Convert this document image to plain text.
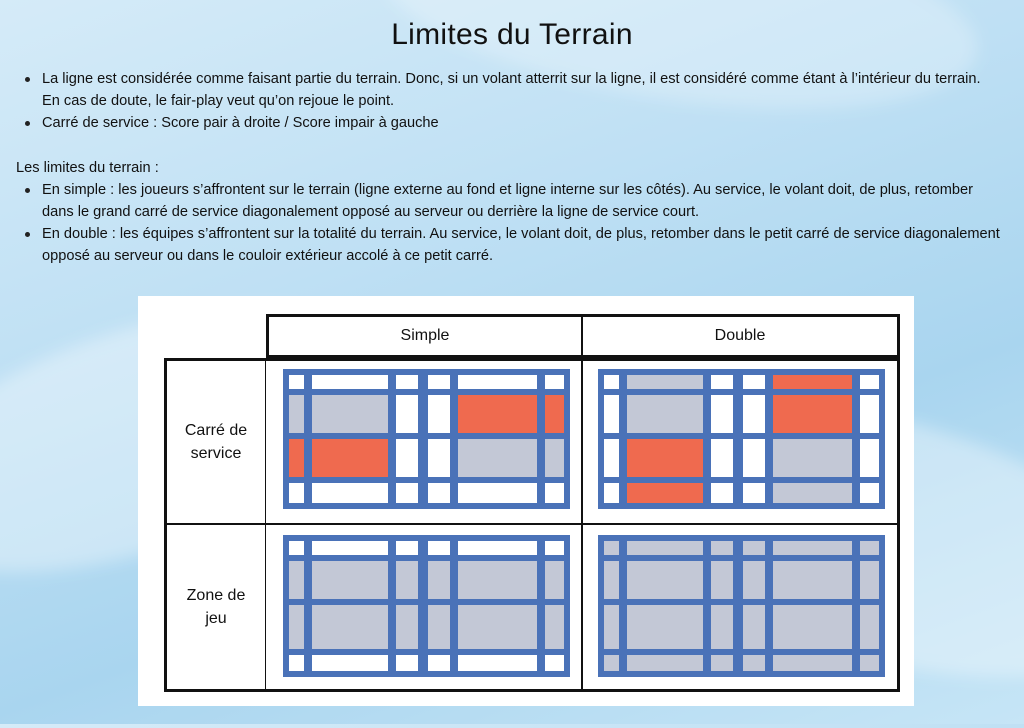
Limites du Terrain
La ligne est considérée comme faisant partie du terrain. Donc, si un volant atterrit sur la ligne, il est considéré comme étant à l’intérieur du terrain. En cas de doute, le fair-play veut qu’on rejoue le point.
Carré de service : Score pair à droite / Score impair à gauche
Les limites du terrain :
En simple : les joueurs s’affrontent sur le terrain (ligne externe au fond et ligne interne sur les côtés). Au service, le volant doit, de plus, retomber dans le grand carré de service diagonalement opposé au serveur ou derrière la ligne de service court.
En double : les équipes s’affrontent sur la totalité du terrain. Au service, le volant doit, de plus, retomber dans le petit carré de service diagonalement opposé au serveur ou dans le couloir extérieur accolé à ce petit carré.
Simple	Double
Carré de
service
Zone de
jeu
